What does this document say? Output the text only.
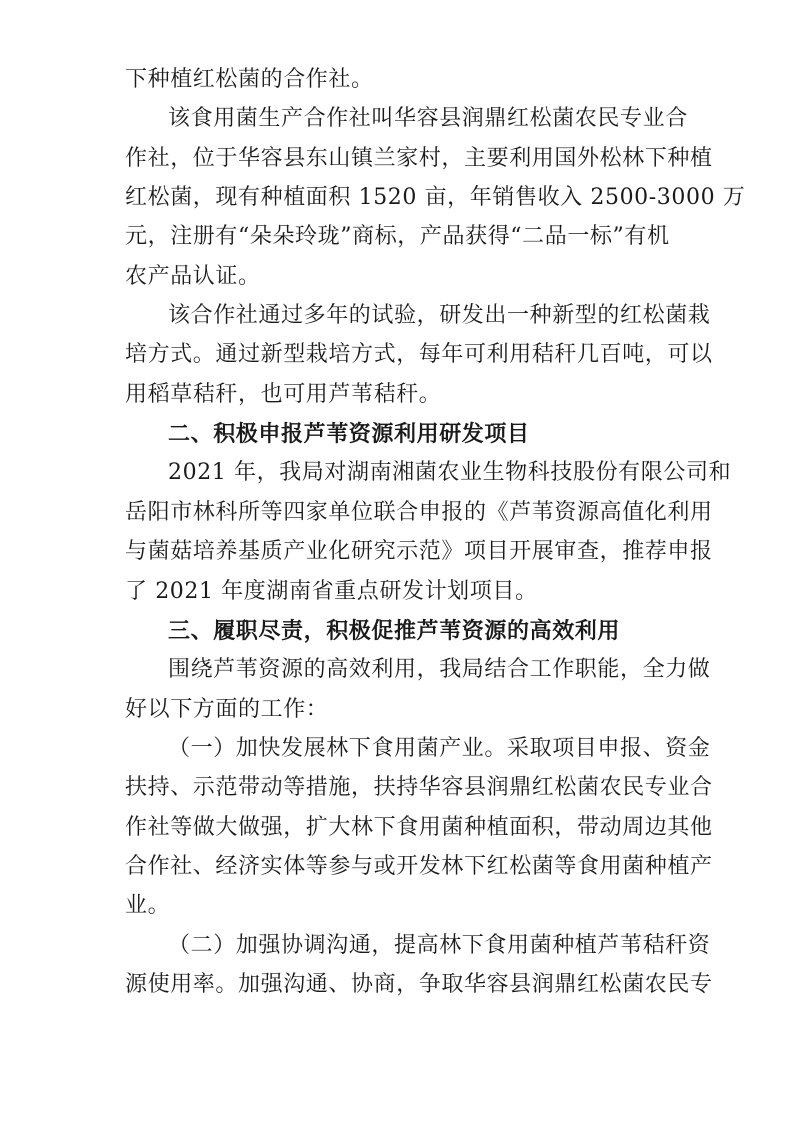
下种植红松菌的合作社。
该食用菌生产合作社叫华容县润鼎红松菌农民专业合
作社，位于华容县东山镇兰家村，主要利用国外松林下种植
红松菌，现有种植面积 1520 亩，年销售收入 2500-3000 万
元，注册有“朵朵玲珑”商标，产品获得“二品一标”有机
农产品认证。
该合作社通过多年的试验，研发出一种新型的红松菌栽
培方式。通过新型栽培方式，每年可利用秸秆几百吨，可以
用稻草秸秆，也可用芦苇秸秆。
二、积极申报芦苇资源利用研发项目
2021 年，我局对湖南湘菌农业生物科技股份有限公司和
岳阳市林科所等四家单位联合申报的《芦苇资源高值化利用
与菌菇培养基质产业化研究示范》项目开展审查，推荐申报
了 2021 年度湖南省重点研发计划项目。
三、履职尽责，积极促推芦苇资源的高效利用
围绕芦苇资源的高效利用，我局结合工作职能，全力做
好以下方面的工作：
（一）加快发展林下食用菌产业。采取项目申报、资金
扶持、示范带动等措施，扶持华容县润鼎红松菌农民专业合
作社等做大做强，扩大林下食用菌种植面积，带动周边其他
合作社、经济实体等参与或开发林下红松菌等食用菌种植产
业。
（二）加强协调沟通，提高林下食用菌种植芦苇秸秆资
源使用率。加强沟通、协商，争取华容县润鼎红松菌农民专
